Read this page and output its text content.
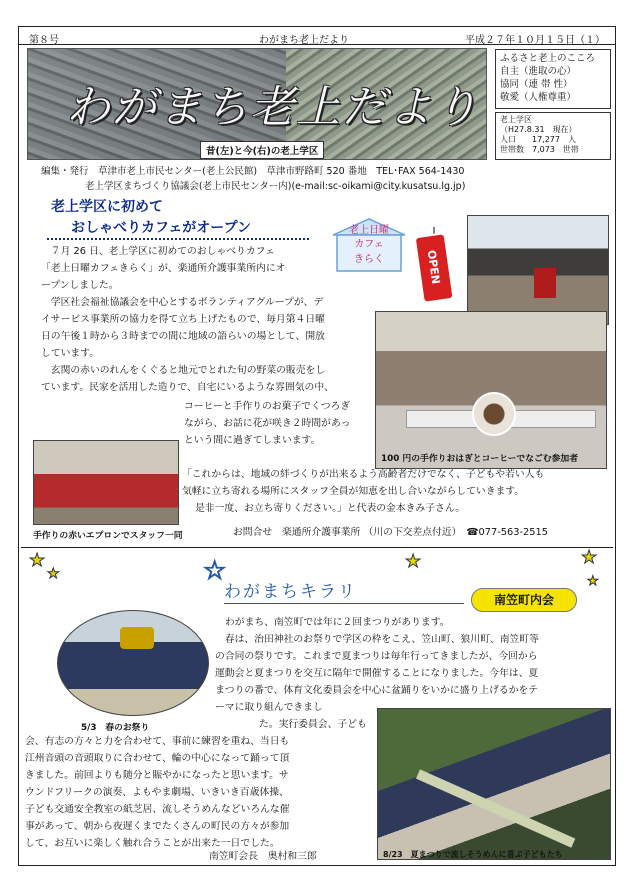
第８号	わがまち老上だより	平成２７年１０月１５日（１）
わがまち老上だより
昔(左)と今(右)の老上学区
ふるさと老上のこころ
自主（進取の心）
協同（連 帯 性）
敬愛（人権尊重）
老上学区
（H27.8.31　現在）
人口　　17,277　人
世帯数　7,073　世帯
編集・発行　草津市老上市民センター(老上公民館)　草津市野路町 520 番地　TEL･FAX 564-1430
老上学区まちづくり協議会(老上市民センター内)(e-mail:sc-oikami@city.kusatsu.lg.jp)
老上学区に初めて
おしゃべりカフェがオープン	老上日曜
カフェ
きらく	OPEN
　７月 26 日、老上学区に初めてのおしゃべりカフェ
「老上日曜カフェきらく」が、楽通所介護事業所内にオ
ープンしました。
　学区社会福祉協議会を中心とするボランティアグループが、デ
イサービス事業所の協力を得て立ち上げたもので、毎月第４日曜
日の午後１時から３時までの間に地域の語らいの場として、開放
しています。
　玄関の赤いのれんをくぐると地元でとれた旬の野菜の販売をし
ています。民家を活用した造りで、自宅にいるような雰囲気の中、
コーヒーと手作りのお菓子でくつろぎ
ながら、お話に花が咲き２時間があっ
という間に過ぎてしまいます。
100 円の手作りおはぎとコーヒーでなごむ参加者
「これからは、地域の絆づくりが出来るよう高齢者だけでなく、子どもや若い人も
気軽に立ち寄れる場所にスタッフ全員が知恵を出し合いながらしていきます。
是非一度、お立ち寄りください。」と代表の金本きみ子さん。
手作りの赤いエプロンでスタッフ一同	お問合せ　楽通所介護事業所 （川の下交差点付近）　☎077-563-2515
★
★	☆	★	★
★
わがまちキラリ	南笠町内会
5/3　春のお祭り
わがまち、南笠町では年に２回まつりがあります。
　春は、治田神社のお祭りで学区の枠をこえ、笠山町、狼川町、南笠町等
の合同の祭りです。これまで夏まつりは毎年行ってきましたが、今回から
運動会と夏まつりを交互に隔年で開催することになりました。今年は、夏
まつりの番で、体育文化委員会を中心に盆踊りをいかに盛り上げるかをテ
ーマに取り組んできまし
た。実行委員会、子ども
会、有志の方々と力を合わせて、事前に練習を重ね、当日も
江州音頭の音頭取りに合わせて、輪の中心になって踊って頂
きました。前回よりも随分と賑やかになったと思います。サ
ウンドフリークの演奏、よもやま劇場、いきいき百歳体操、
子ども交通安全教室の紙芝居、流しそうめんなどいろんな催
事があって、朝から夜遅くまでたくさんの町民の方々が参加
して、お互いに楽しく触れ合うことが出来た一日でした。
南笠町会長　奥村和三郎	8/23　夏まつりで流しそうめんに喜ぶ子どもたち
